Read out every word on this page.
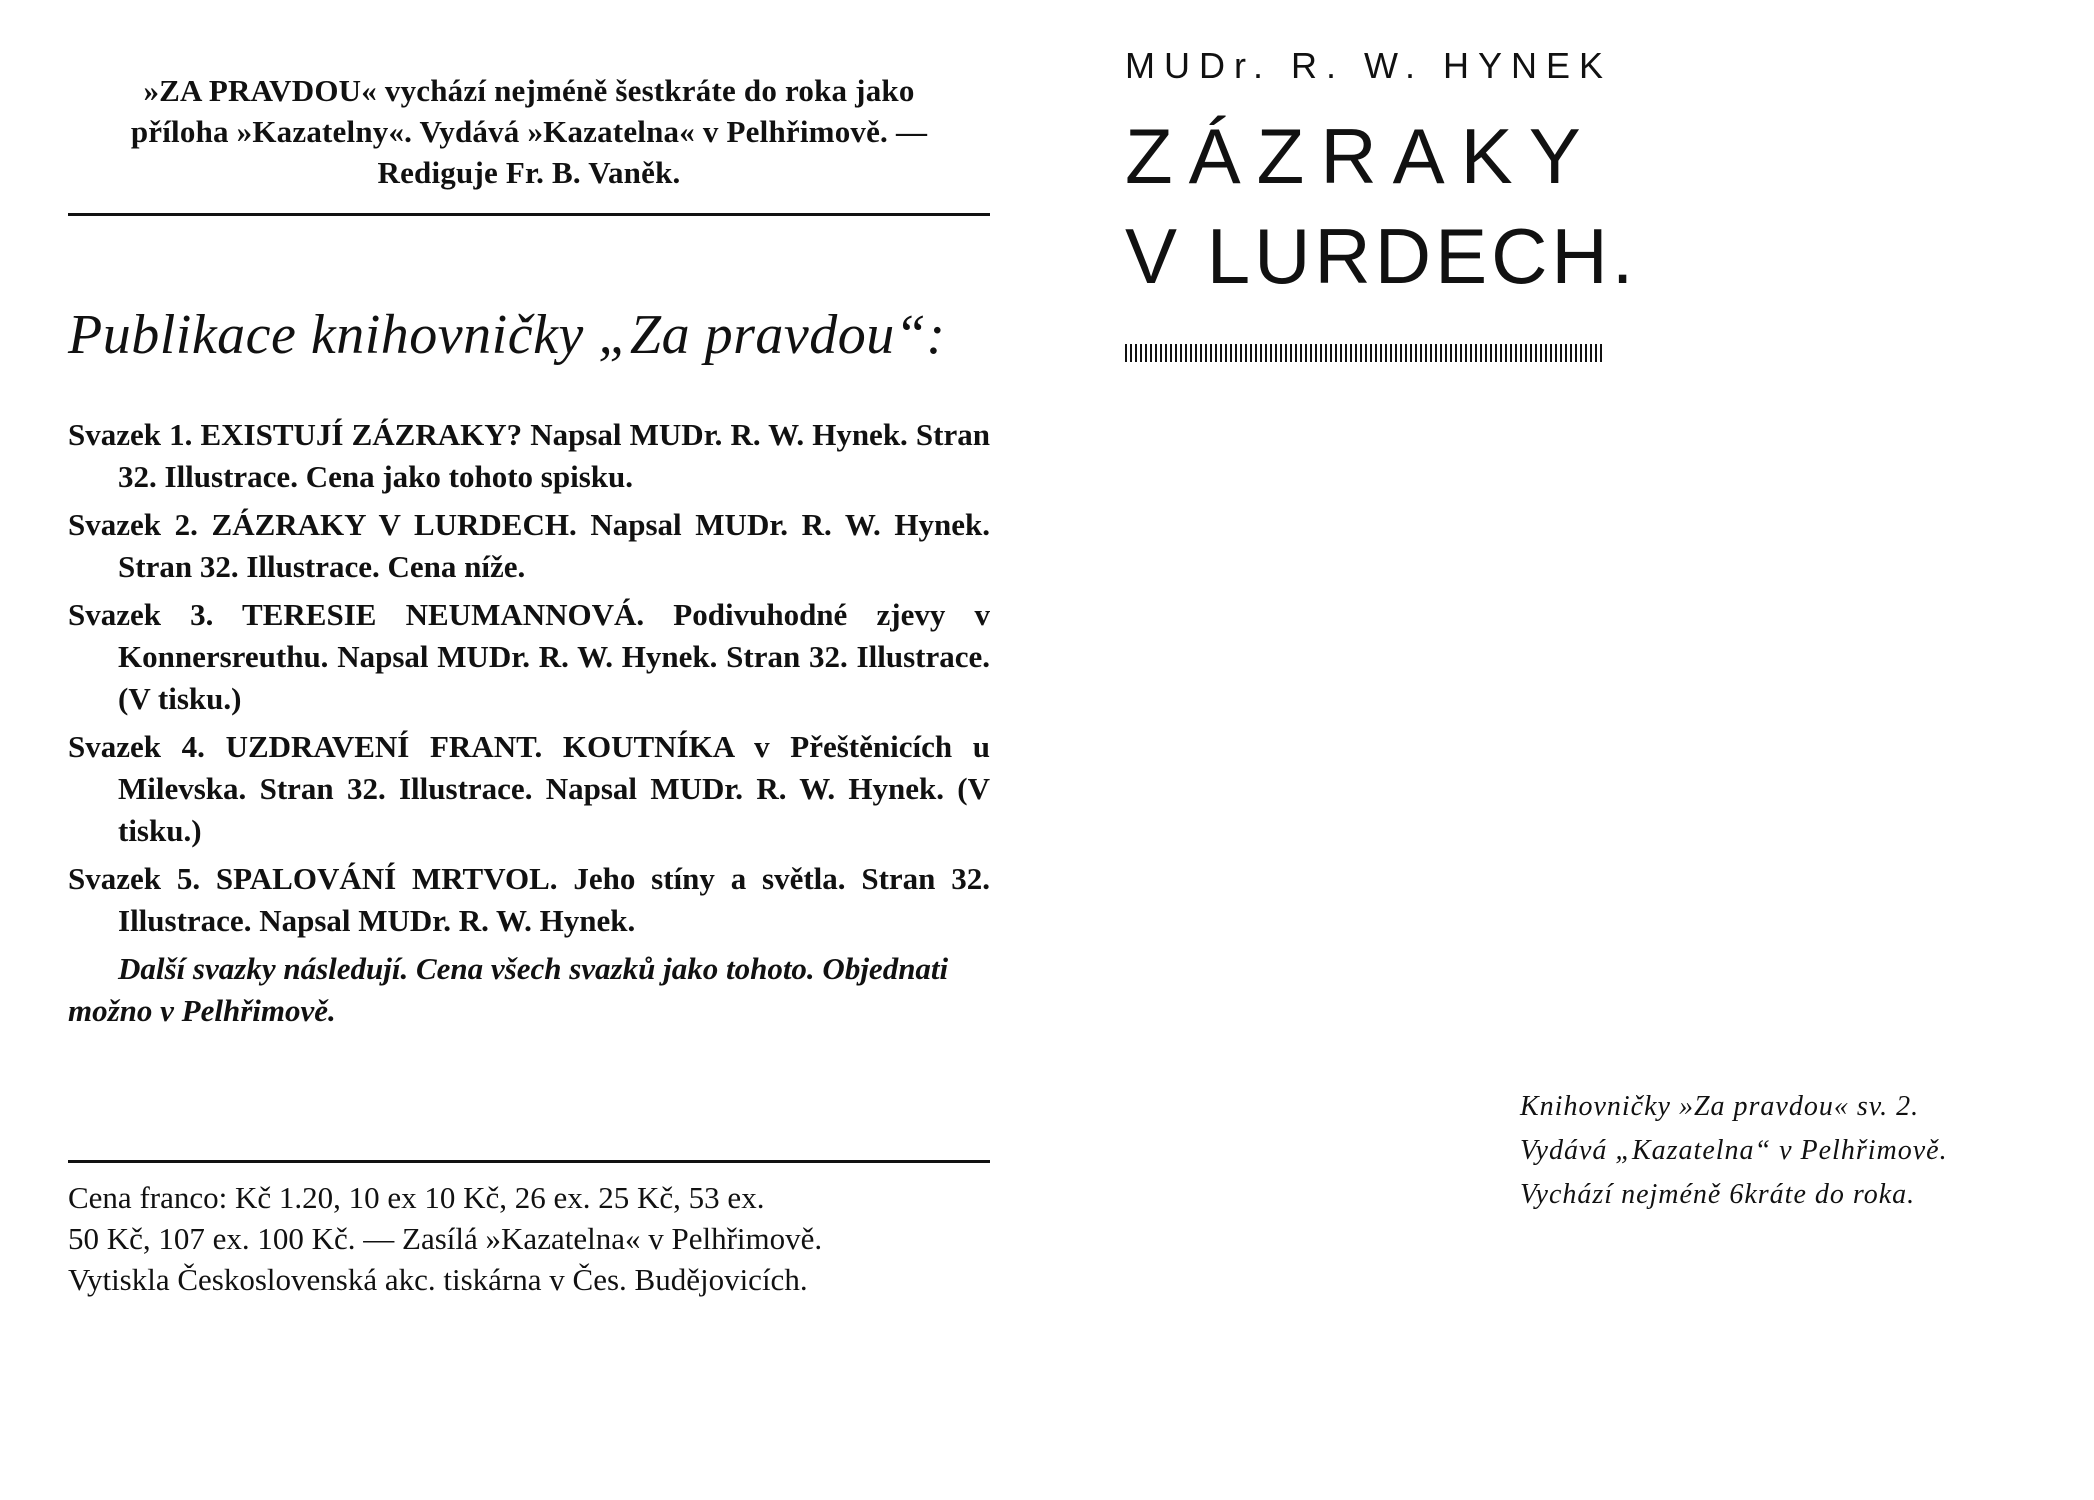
»ZA PRAVDOU« vychází nejméně šestkráte do roka jako
příloha »Kazatelny«. Vydává »Kazatelna« v Pelhřimově. —
Rediguje Fr. B. Vaněk.
Publikace knihovničky „Za pravdou“:
Svazek 1. EXISTUJÍ ZÁZRAKY? Napsal MUDr. R. W. Hynek. Stran 32. Illustrace. Cena jako tohoto spisku.
Svazek 2. ZÁZRAKY V LURDECH. Napsal MUDr. R. W. Hynek. Stran 32. Illustrace. Cena níže.
Svazek 3. TERESIE NEUMANNOVÁ. Podivuhodné zjevy v Konnersreuthu. Napsal MUDr. R. W. Hynek. Stran 32. Illustrace. (V tisku.)
Svazek 4. UZDRAVENÍ FRANT. KOUTNÍKA v Přeštěnicích u Milevska. Stran 32. Illustrace. Napsal MUDr. R. W. Hynek. (V tisku.)
Svazek 5. SPALOVÁNÍ MRTVOL. Jeho stíny a světla. Stran 32. Illustrace. Napsal MUDr. R. W. Hynek.
Další svazky následují. Cena všech svazků jako tohoto. Objednati možno v Pelhřimově.
Cena franco: Kč 1.20, 10 ex 10 Kč, 26 ex. 25 Kč, 53 ex.
50 Kč, 107 ex. 100 Kč. — Zasílá »Kazatelna« v Pelhřimově.
Vytiskla Československá akc. tiskárna v Čes. Budějovicích.
MUDr. R. W. HYNEK
ZÁZRAKY
V LURDECH.
Knihovničky »Za pravdou« sv. 2.
Vydává „Kazatelna“ v Pelhřimově.
Vychází nejméně 6kráte do roka.
